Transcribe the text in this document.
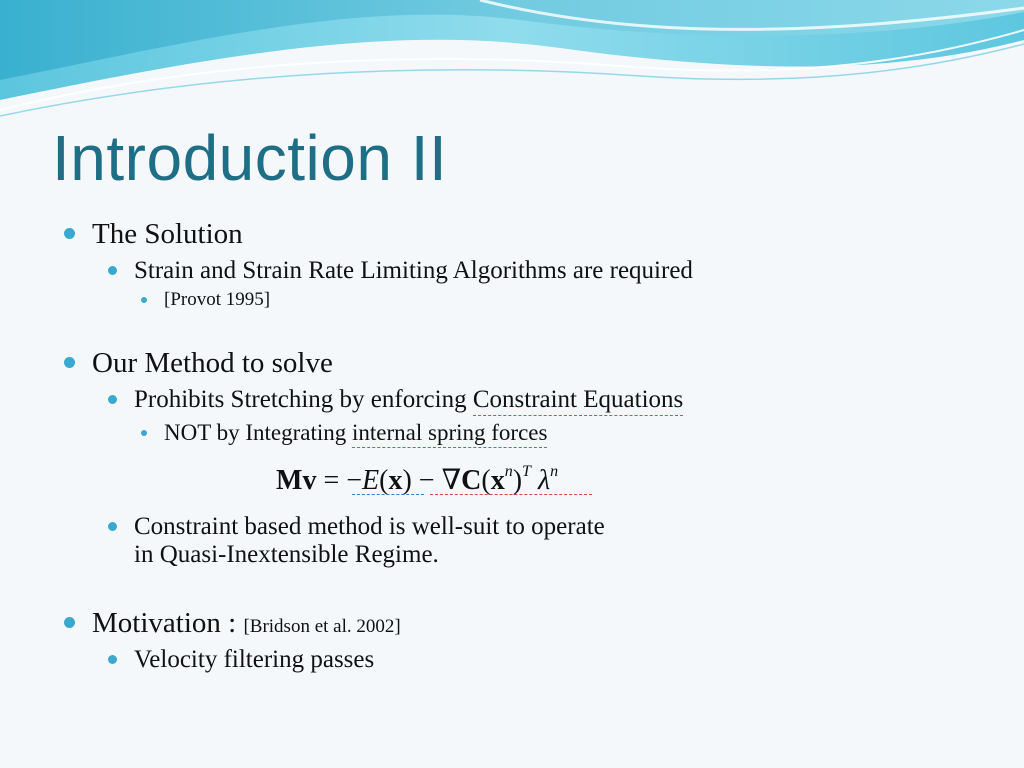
Introduction II
The Solution
Strain and Strain Rate Limiting Algorithms are required
[Provot 1995]
Our Method to solve
Prohibits Stretching by enforcing Constraint Equations
NOT by Integrating internal spring forces
$Mv = -E(x) - \nabla C(x^n)^T$ $\lambda^n$
Constraint based method is well-suit to operate
in Quasi-Inextensible Regime.
Motivation : [Bridson et al. 2002]
Velocity filtering passes
